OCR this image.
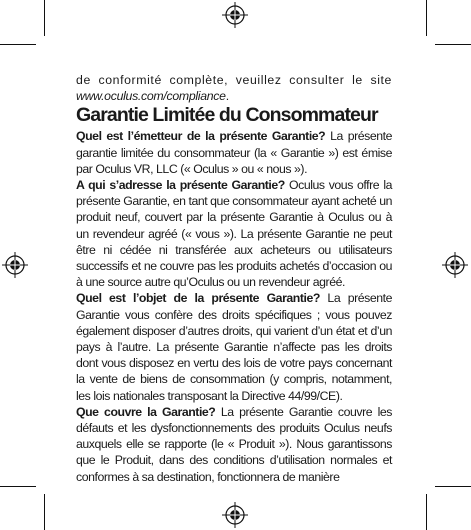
de conformité complète, veuillez consulter le site www.oculus.com/compliance.

Garantie Limitée du Consommateur

Quel est l’émetteur de la présente Garantie? La présente garantie limitée du consommateur (la « Garantie ») est émise par Oculus VR, LLC (« Oculus » ou « nous »).

A qui s’adresse la présente Garantie? Oculus vous offre la présente Garantie, en tant que consommateur ayant acheté un produit neuf, couvert par la présente Garantie à Oculus ou à un revendeur agréé (« vous »). La présente Garantie ne peut être ni cédée ni transférée aux acheteurs ou utilisateurs successifs et ne couvre pas les produits achetés d’occasion ou à une source autre qu’Oculus ou un revendeur agréé.

Quel est l’objet de la présente Garantie? La présente Garantie vous confère des droits spécifiques ; vous pouvez également disposer d’autres droits, qui varient d’un état et d’un pays à l’autre. La présente Garantie n’affecte pas les droits dont vous disposez en vertu des lois de votre pays concernant la vente de biens de consommation (y compris, notamment, les lois nationales transposant la Directive 44/99/CE).

Que couvre la Garantie? La présente Garantie couvre les défauts et les dysfonctionnements des produits Oculus neufs auxquels elle se rapporte (le « Produit »). Nous garantissons que le Produit, dans des conditions d’utilisation normales et conformes à sa destination, fonctionnera de manière
